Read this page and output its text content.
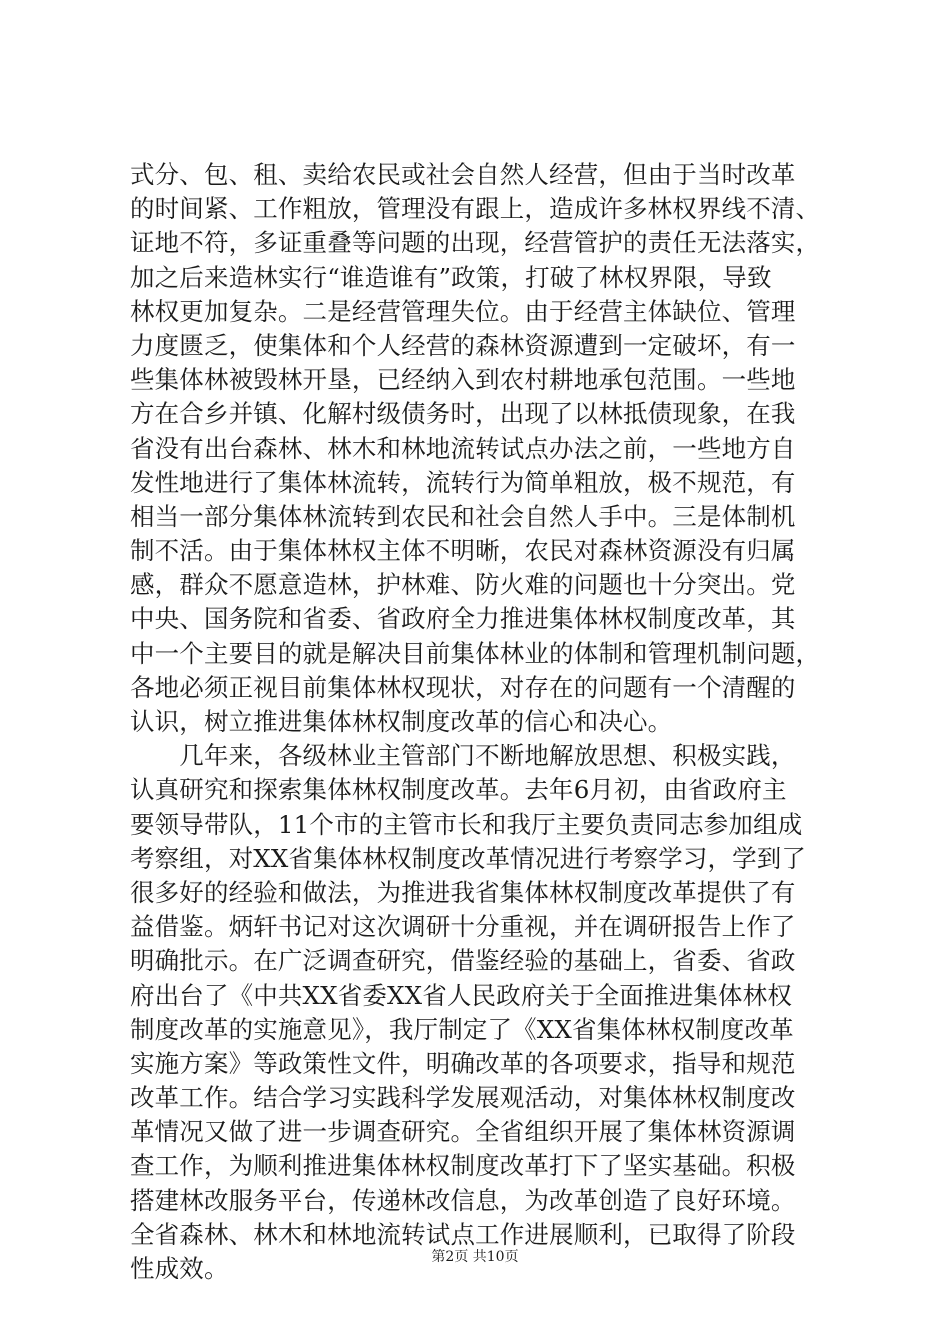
式分、包、租、卖给农民或社会自然人经营，但由于当时改革
的时间紧、工作粗放，管理没有跟上，造成许多林权界线不清、
证地不符，多证重叠等问题的出现，经营管护的责任无法落实，
加之后来造林实行“谁造谁有”政策，打破了林权界限，导致
林权更加复杂。二是经营管理失位。由于经营主体缺位、管理
力度匮乏，使集体和个人经营的森林资源遭到一定破坏，有一
些集体林被毁林开垦，已经纳入到农村耕地承包范围。一些地
方在合乡并镇、化解村级债务时，出现了以林抵债现象，在我
省没有出台森林、林木和林地流转试点办法之前，一些地方自
发性地进行了集体林流转，流转行为简单粗放，极不规范，有
相当一部分集体林流转到农民和社会自然人手中。三是体制机
制不活。由于集体林权主体不明晰，农民对森林资源没有归属
感，群众不愿意造林，护林难、防火难的问题也十分突出。党
中央、国务院和省委、省政府全力推进集体林权制度改革，其
中一个主要目的就是解决目前集体林业的体制和管理机制问题，
各地必须正视目前集体林权现状，对存在的问题有一个清醒的
认识，树立推进集体林权制度改革的信心和决心。
　　几年来，各级林业主管部门不断地解放思想、积极实践，
认真研究和探索集体林权制度改革。去年6月初，由省政府主
要领导带队，11个市的主管市长和我厅主要负责同志参加组成
考察组，对XX省集体林权制度改革情况进行考察学习，学到了
很多好的经验和做法，为推进我省集体林权制度改革提供了有
益借鉴。炳轩书记对这次调研十分重视，并在调研报告上作了
明确批示。在广泛调查研究，借鉴经验的基础上，省委、省政
府出台了《中共XX省委XX省人民政府关于全面推进集体林权
制度改革的实施意见》，我厅制定了《XX省集体林权制度改革
实施方案》等政策性文件，明确改革的各项要求，指导和规范
改革工作。结合学习实践科学发展观活动，对集体林权制度改
革情况又做了进一步调查研究。全省组织开展了集体林资源调
查工作，为顺利推进集体林权制度改革打下了坚实基础。积极
搭建林改服务平台，传递林改信息，为改革创造了良好环境。
全省森林、林木和林地流转试点工作进展顺利，已取得了阶段
性成效。	第2页 共10页
